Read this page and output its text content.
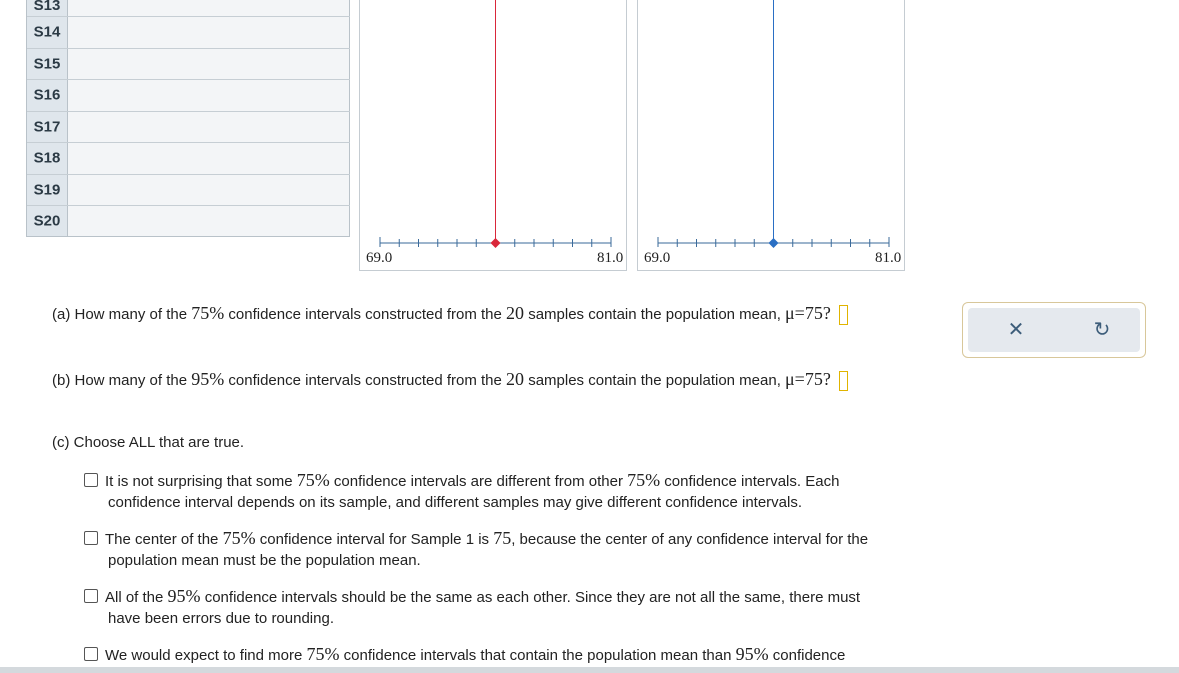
S13
S14
S15
S16
S17
S18
S19
S20
69.0	81.0 69.0	81.0
(a) How many of the 75% confidence intervals constructed from the 20 samples contain the population mean, μ=75?
(b) How many of the 95% confidence intervals constructed from the 20 samples contain the population mean, μ=75?
(c) Choose ALL that are true.
It is not surprising that some 75% confidence intervals are different from other 75% confidence intervals. Each
confidence interval depends on its sample, and different samples may give different confidence intervals.
The center of the 75% confidence interval for Sample 1 is 75, because the center of any confidence interval for the
population mean must be the population mean.
All of the 95% confidence intervals should be the same as each other. Since they are not all the same, there must
have been errors due to rounding.
We would expect to find more 75% confidence intervals that contain the population mean than 95% confidence
✕	↻
